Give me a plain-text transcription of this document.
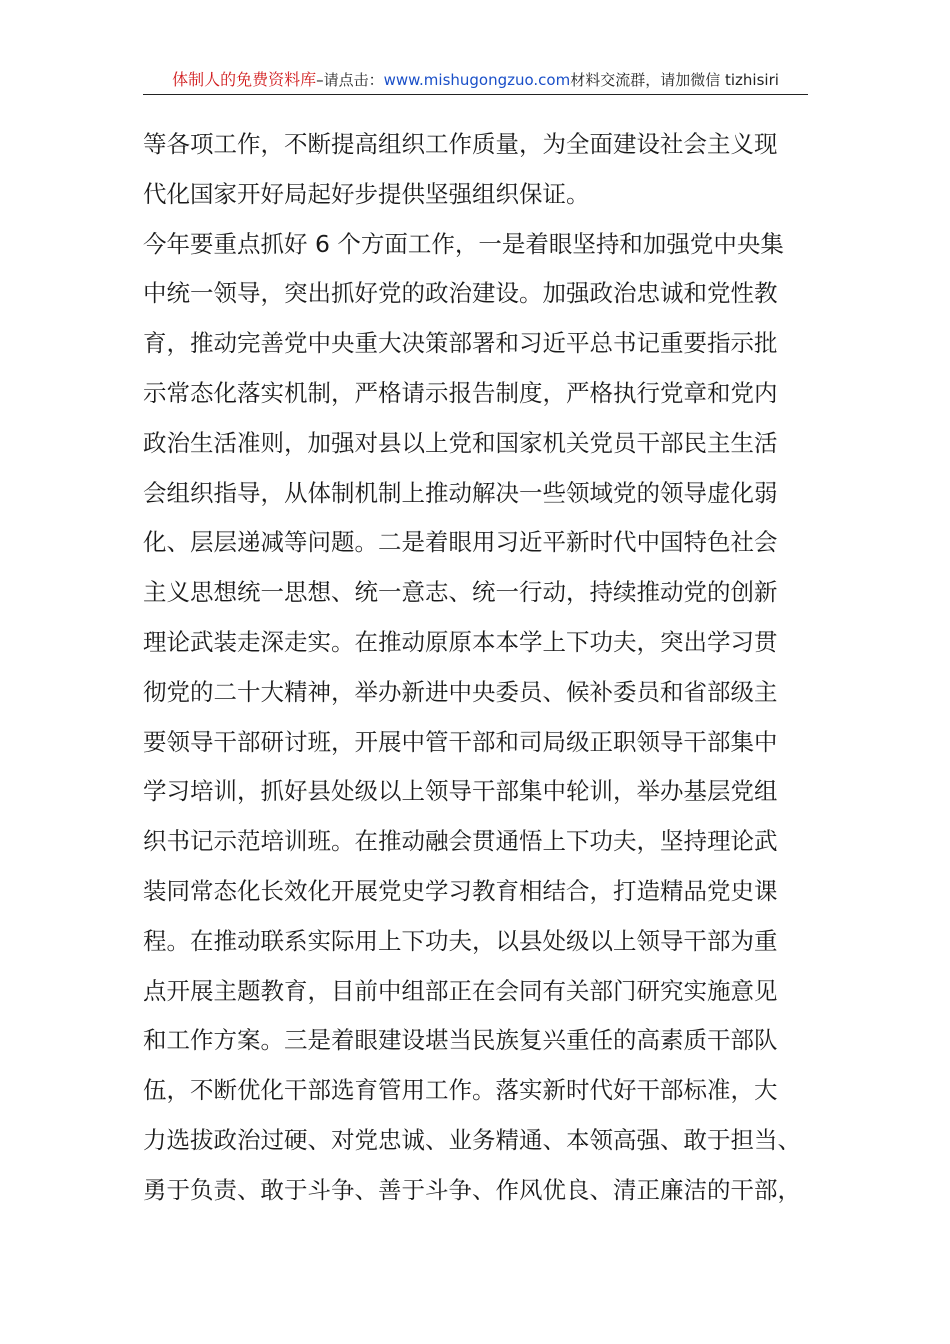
体制人的免费资料库–请点击：www.mishugongzuo.com材料交流群，请加微信 tizhisiri
等各项工作，不断提高组织工作质量，为全面建设社会主义现
代化国家开好局起好步提供坚强组织保证。
今年要重点抓好 6 个方面工作，一是着眼坚持和加强党中央集
中统一领导，突出抓好党的政治建设。加强政治忠诚和党性教
育，推动完善党中央重大决策部署和习近平总书记重要指示批
示常态化落实机制，严格请示报告制度，严格执行党章和党内
政治生活准则，加强对县以上党和国家机关党员干部民主生活
会组织指导，从体制机制上推动解决一些领域党的领导虚化弱
化、层层递减等问题。二是着眼用习近平新时代中国特色社会
主义思想统一思想、统一意志、统一行动，持续推动党的创新
理论武装走深走实。在推动原原本本学上下功夫，突出学习贯
彻党的二十大精神，举办新进中央委员、候补委员和省部级主
要领导干部研讨班，开展中管干部和司局级正职领导干部集中
学习培训，抓好县处级以上领导干部集中轮训，举办基层党组
织书记示范培训班。在推动融会贯通悟上下功夫，坚持理论武
装同常态化长效化开展党史学习教育相结合，打造精品党史课
程。在推动联系实际用上下功夫，以县处级以上领导干部为重
点开展主题教育，目前中组部正在会同有关部门研究实施意见
和工作方案。三是着眼建设堪当民族复兴重任的高素质干部队
伍，不断优化干部选育管用工作。落实新时代好干部标准，大
力选拔政治过硬、对党忠诚、业务精通、本领高强、敢于担当、
勇于负责、敢于斗争、善于斗争、作风优良、清正廉洁的干部，
